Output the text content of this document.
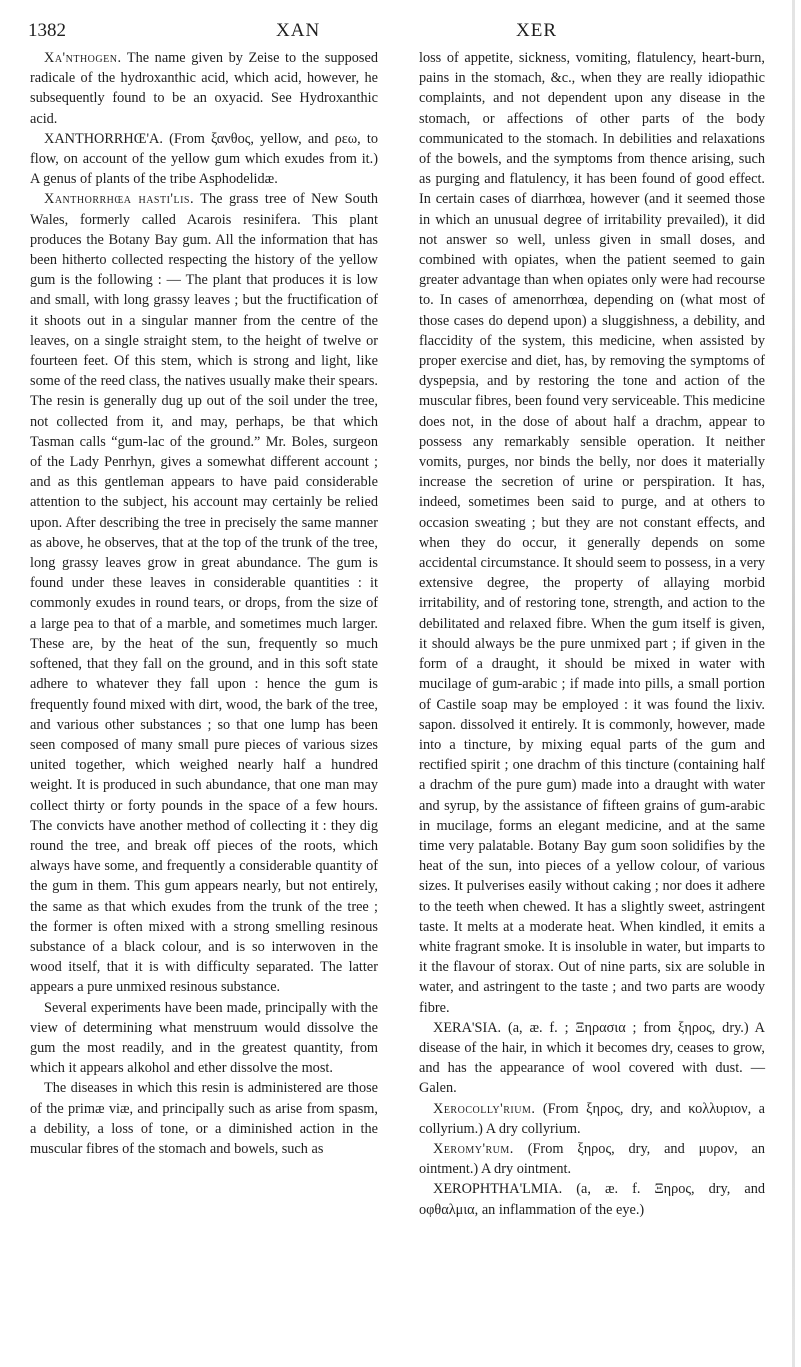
1382	XAN	XER

Xa'nthogen. The name given by Zeise to the supposed radicale of the hydroxanthic acid, which acid, however, he subsequently found to be an oxyacid. See Hydroxanthic acid.

XANTHORRHŒ'A. (From ξανθος, yellow, and ρεω, to flow, on account of the yellow gum which exudes from it.) A genus of plants of the tribe Asphodelidæ.

Xanthorrhœa hasti'lis. The grass tree of New South Wales, formerly called Acarois resinifera. This plant produces the Botany Bay gum. All the information that has been hitherto collected respecting the history of the yellow gum is the following : — The plant that produces it is low and small, with long grassy leaves ; but the fructification of it shoots out in a singular manner from the centre of the leaves, on a single straight stem, to the height of twelve or fourteen feet. Of this stem, which is strong and light, like some of the reed class, the natives usually make their spears. The resin is generally dug up out of the soil under the tree, not collected from it, and may, perhaps, be that which Tasman calls “gum-lac of the ground.” Mr. Boles, surgeon of the Lady Penrhyn, gives a somewhat different account ; and as this gentleman appears to have paid considerable attention to the subject, his account may certainly be relied upon. After describing the tree in precisely the same manner as above, he observes, that at the top of the trunk of the tree, long grassy leaves grow in great abundance. The gum is found under these leaves in considerable quantities : it commonly exudes in round tears, or drops, from the size of a large pea to that of a marble, and sometimes much larger. These are, by the heat of the sun, frequently so much softened, that they fall on the ground, and in this soft state adhere to whatever they fall upon : hence the gum is frequently found mixed with dirt, wood, the bark of the tree, and various other substances ; so that one lump has been seen composed of many small pure pieces of various sizes united together, which weighed nearly half a hundred weight. It is produced in such abundance, that one man may collect thirty or forty pounds in the space of a few hours. The convicts have another method of collecting it : they dig round the tree, and break off pieces of the roots, which always have some, and frequently a considerable quantity of the gum in them. This gum appears nearly, but not entirely, the same as that which exudes from the trunk of the tree ; the former is often mixed with a strong smelling resinous substance of a black colour, and is so interwoven in the wood itself, that it is with difficulty separated. The latter appears a pure unmixed resinous substance.

Several experiments have been made, principally with the view of determining what menstruum would dissolve the gum the most readily, and in the greatest quantity, from which it appears alkohol and ether dissolve the most.

The diseases in which this resin is administered are those of the primæ viæ, and principally such as arise from spasm, a debility, a loss of tone, or a diminished action in the muscular fibres of the stomach and bowels, such as

loss of appetite, sickness, vomiting, flatulency, heart-burn, pains in the stomach, &c., when they are really idiopathic complaints, and not dependent upon any disease in the stomach, or affections of other parts of the body communicated to the stomach. In debilities and relaxations of the bowels, and the symptoms from thence arising, such as purging and flatulency, it has been found of good effect. In certain cases of diarrhœa, however (and it seemed those in which an unusual degree of irritability prevailed), it did not answer so well, unless given in small doses, and combined with opiates, when the patient seemed to gain greater advantage than when opiates only were had recourse to. In cases of amenorrhœa, depending on (what most of those cases do depend upon) a sluggishness, a debility, and flaccidity of the system, this medicine, when assisted by proper exercise and diet, has, by removing the symptoms of dyspepsia, and by restoring the tone and action of the muscular fibres, been found very serviceable. This medicine does not, in the dose of about half a drachm, appear to possess any remarkably sensible operation. It neither vomits, purges, nor binds the belly, nor does it materially increase the secretion of urine or perspiration. It has, indeed, sometimes been said to purge, and at others to occasion sweating ; but they are not constant effects, and when they do occur, it generally depends on some accidental circumstance. It should seem to possess, in a very extensive degree, the property of allaying morbid irritability, and of restoring tone, strength, and action to the debilitated and relaxed fibre. When the gum itself is given, it should always be the pure unmixed part ; if given in the form of a draught, it should be mixed in water with mucilage of gum-arabic ; if made into pills, a small portion of Castile soap may be employed : it was found the lixiv. sapon. dissolved it entirely. It is commonly, however, made into a tincture, by mixing equal parts of the gum and rectified spirit ; one drachm of this tincture (containing half a drachm of the pure gum) made into a draught with water and syrup, by the assistance of fifteen grains of gum-arabic in mucilage, forms an elegant medicine, and at the same time very palatable. Botany Bay gum soon solidifies by the heat of the sun, into pieces of a yellow colour, of various sizes. It pulverises easily without caking ; nor does it adhere to the teeth when chewed. It has a slightly sweet, astringent taste. It melts at a moderate heat. When kindled, it emits a white fragrant smoke. It is insoluble in water, but imparts to it the flavour of storax. Out of nine parts, six are soluble in water, and astringent to the taste ; and two parts are woody fibre.

XERA'SIA. (a, æ. f. ; Ξηρασια ; from ξηρος, dry.) A disease of the hair, in which it becomes dry, ceases to grow, and has the appearance of wool covered with dust. — Galen.

Xerocolly'rium. (From ξηρος, dry, and κολλυριον, a collyrium.) A dry collyrium.

Xeromy'rum. (From ξηρος, dry, and μυρον, an ointment.) A dry ointment.

XEROPHTHA'LMIA. (a, æ. f. Ξηρος, dry, and οφθαλμια, an inflammation of the eye.)
